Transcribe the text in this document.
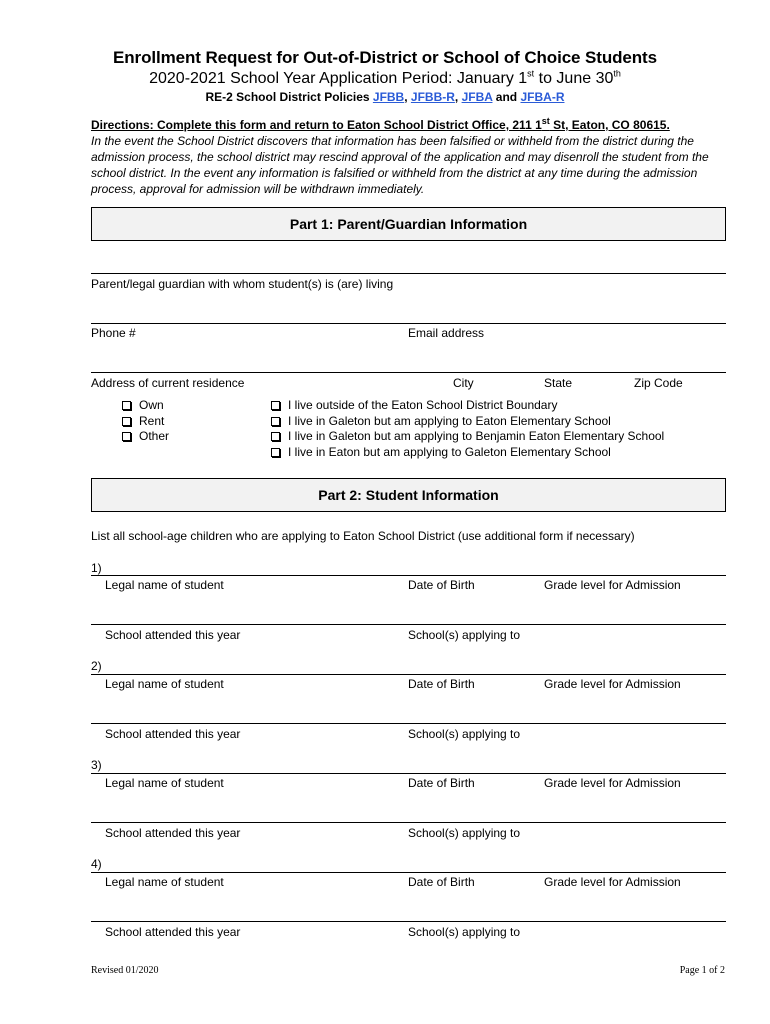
Enrollment Request for Out-of-District or School of Choice Students
2020-2021 School Year Application Period: January 1st to June 30th
RE-2 School District Policies JFBB, JFBB-R, JFBA and JFBA-R
Directions: Complete this form and return to Eaton School District Office, 211 1st St, Eaton, CO 80615.
In the event the School District discovers that information has been falsified or withheld from the district during the admission process, the school district may rescind approval of the application and may disenroll the student from the school district. In the event any information is falsified or withheld from the district at any time during the admission process, approval for admission will be withdrawn immediately.
Part 1: Parent/Guardian Information
Parent/legal guardian with whom student(s) is (are) living
Phone #	Email address
Address of current residence	City	State	Zip Code
Own
Rent
Other
I live outside of the Eaton School District Boundary
I live in Galeton but am applying to Eaton Elementary School
I live in Galeton but am applying to Benjamin Eaton Elementary School
I live in Eaton but am applying to Galeton Elementary School
Part 2: Student Information
List all school-age children who are applying to Eaton School District (use additional form if necessary)
1)
Legal name of student	Date of Birth	Grade level for Admission
School attended this year	School(s) applying to
2)
Legal name of student	Date of Birth	Grade level for Admission
School attended this year	School(s) applying to
3)
Legal name of student	Date of Birth	Grade level for Admission
School attended this year	School(s) applying to
4)
Legal name of student	Date of Birth	Grade level for Admission
School attended this year	School(s) applying to
Revised 01/2020	Page 1 of 2
